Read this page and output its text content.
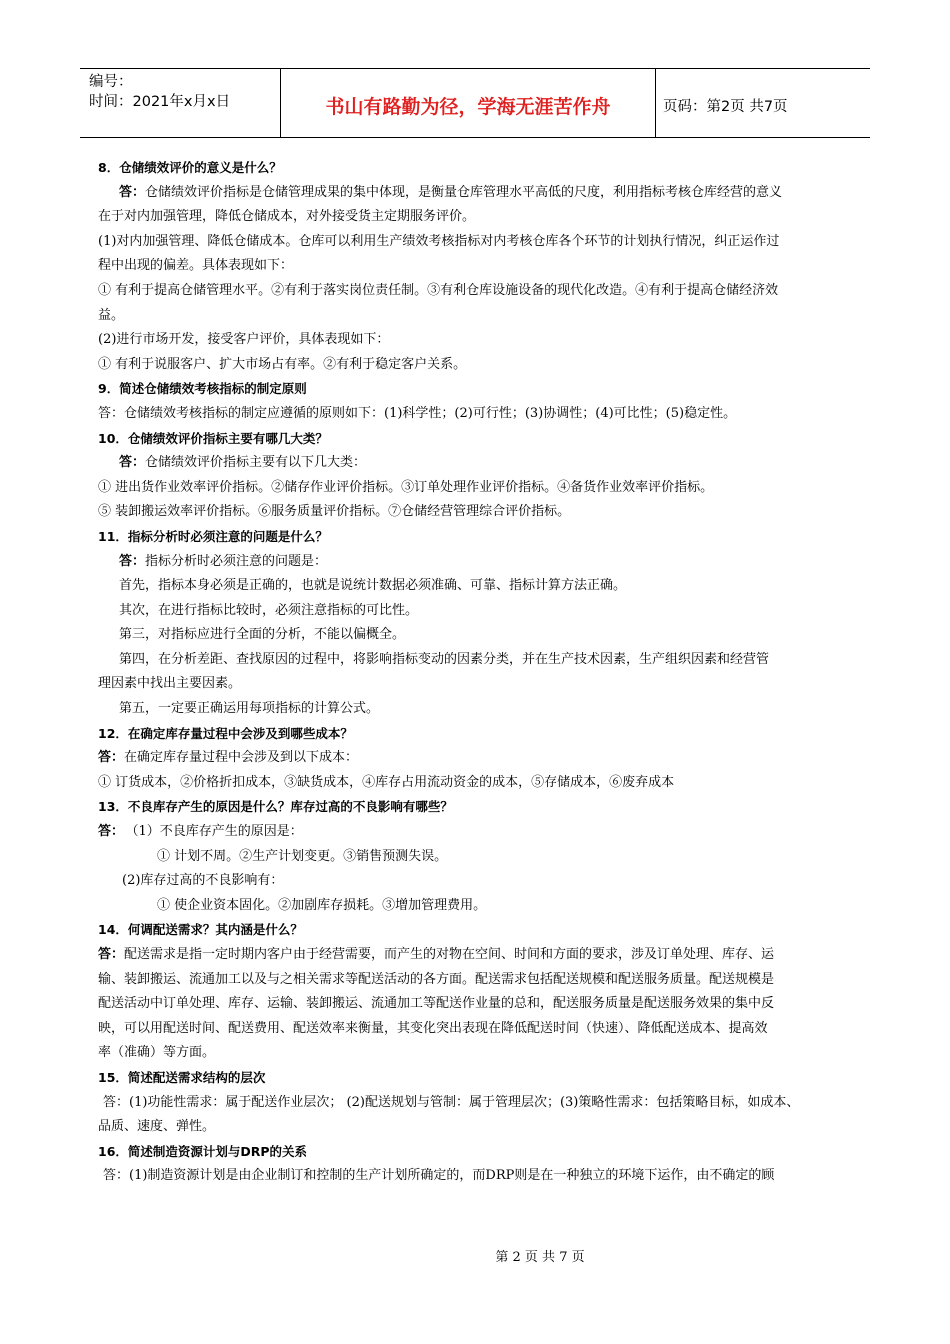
编号：
时间：2021年x月x日	书山有路勤为径，学海无涯苦作舟	页码：第2页 共7页
8．仓储绩效评价的意义是什么？
答：仓储绩效评价指标是仓储管理成果的集中体现，是衡量仓库管理水平高低的尺度，利用指标考核仓库经营的意义
在于对内加强管理，降低仓储成本，对外接受货主定期服务评价。
(1)对内加强管理、降低仓储成本。仓库可以利用生产绩效考核指标对内考核仓库各个环节的计划执行情况，纠正运作过
程中出现的偏差。具体表现如下：
① 有利于提高仓储管理水平。②有利于落实岗位责任制。③有利仓库设施设备的现代化改造。④有利于提高仓储经济效
益。
(2)进行市场开发，接受客户评价，具体表现如下：
① 有利于说服客户、扩大市场占有率。②有利于稳定客户关系。
9．简述仓储绩效考核指标的制定原则
答：仓储绩效考核指标的制定应遵循的原则如下：(1)科学性；(2)可行性；(3)协调性；(4)可比性；(5)稳定性。
10．仓储绩效评价指标主要有哪几大类？
答：仓储绩效评价指标主要有以下几大类：
① 进出货作业效率评价指标。②储存作业评价指标。③订单处理作业评价指标。④备货作业效率评价指标。
⑤ 装卸搬运效率评价指标。⑥服务质量评价指标。⑦仓储经营管理综合评价指标。
11．指标分析时必须注意的问题是什么？
答：指标分析时必须注意的问题是：
首先，指标本身必须是正确的，也就是说统计数据必须准确、可靠、指标计算方法正确。
其次，在进行指标比较时，必须注意指标的可比性。
第三，对指标应进行全面的分析，不能以偏概全。
第四，在分析差距、查找原因的过程中，将影响指标变动的因素分类，并在生产技术因素，生产组织因素和经营管
理因素中找出主要因素。
第五，一定要正确运用每项指标的计算公式。
12．在确定库存量过程中会涉及到哪些成本？
答：在确定库存量过程中会涉及到以下成本：
① 订货成本，②价格折扣成本，③缺货成本，④库存占用流动资金的成本，⑤存储成本，⑥废弃成本
13．不良库存产生的原因是什么？库存过高的不良影响有哪些？
答： （1）不良库存产生的原因是：
① 计划不周。②生产计划变更。③销售预测失误。
(2)库存过高的不良影响有：
① 使企业资本固化。②加剧库存损耗。③增加管理费用。
14．何调配送需求？其内涵是什么？
答：配送需求是指一定时期内客户由于经营需要，而产生的对物在空间、时间和方面的要求，涉及订单处理、库存、运
输、装卸搬运、流通加工以及与之相关需求等配送活动的各方面。配送需求包括配送规模和配送服务质量。配送规模是
配送活动中订单处理、库存、运输、装卸搬运、流通加工等配送作业量的总和，配送服务质量是配送服务效果的集中反
映，可以用配送时间、配送费用、配送效率来衡量，其变化突出表现在降低配送时间（快速）、降低配送成本、提高效
率（准确）等方面。
15．简述配送需求结构的层次
答：(1)功能性需求：属于配送作业层次； (2)配送规划与管制：属于管理层次；(3)策略性需求：包括策略目标，如成本、
品质、速度、弹性。
16．简述制造资源计划与DRP的关系
答：(1)制造资源计划是由企业制订和控制的生产计划所确定的，而DRP则是在一种独立的环境下运作，由不确定的顾
第 2 页 共 7 页
